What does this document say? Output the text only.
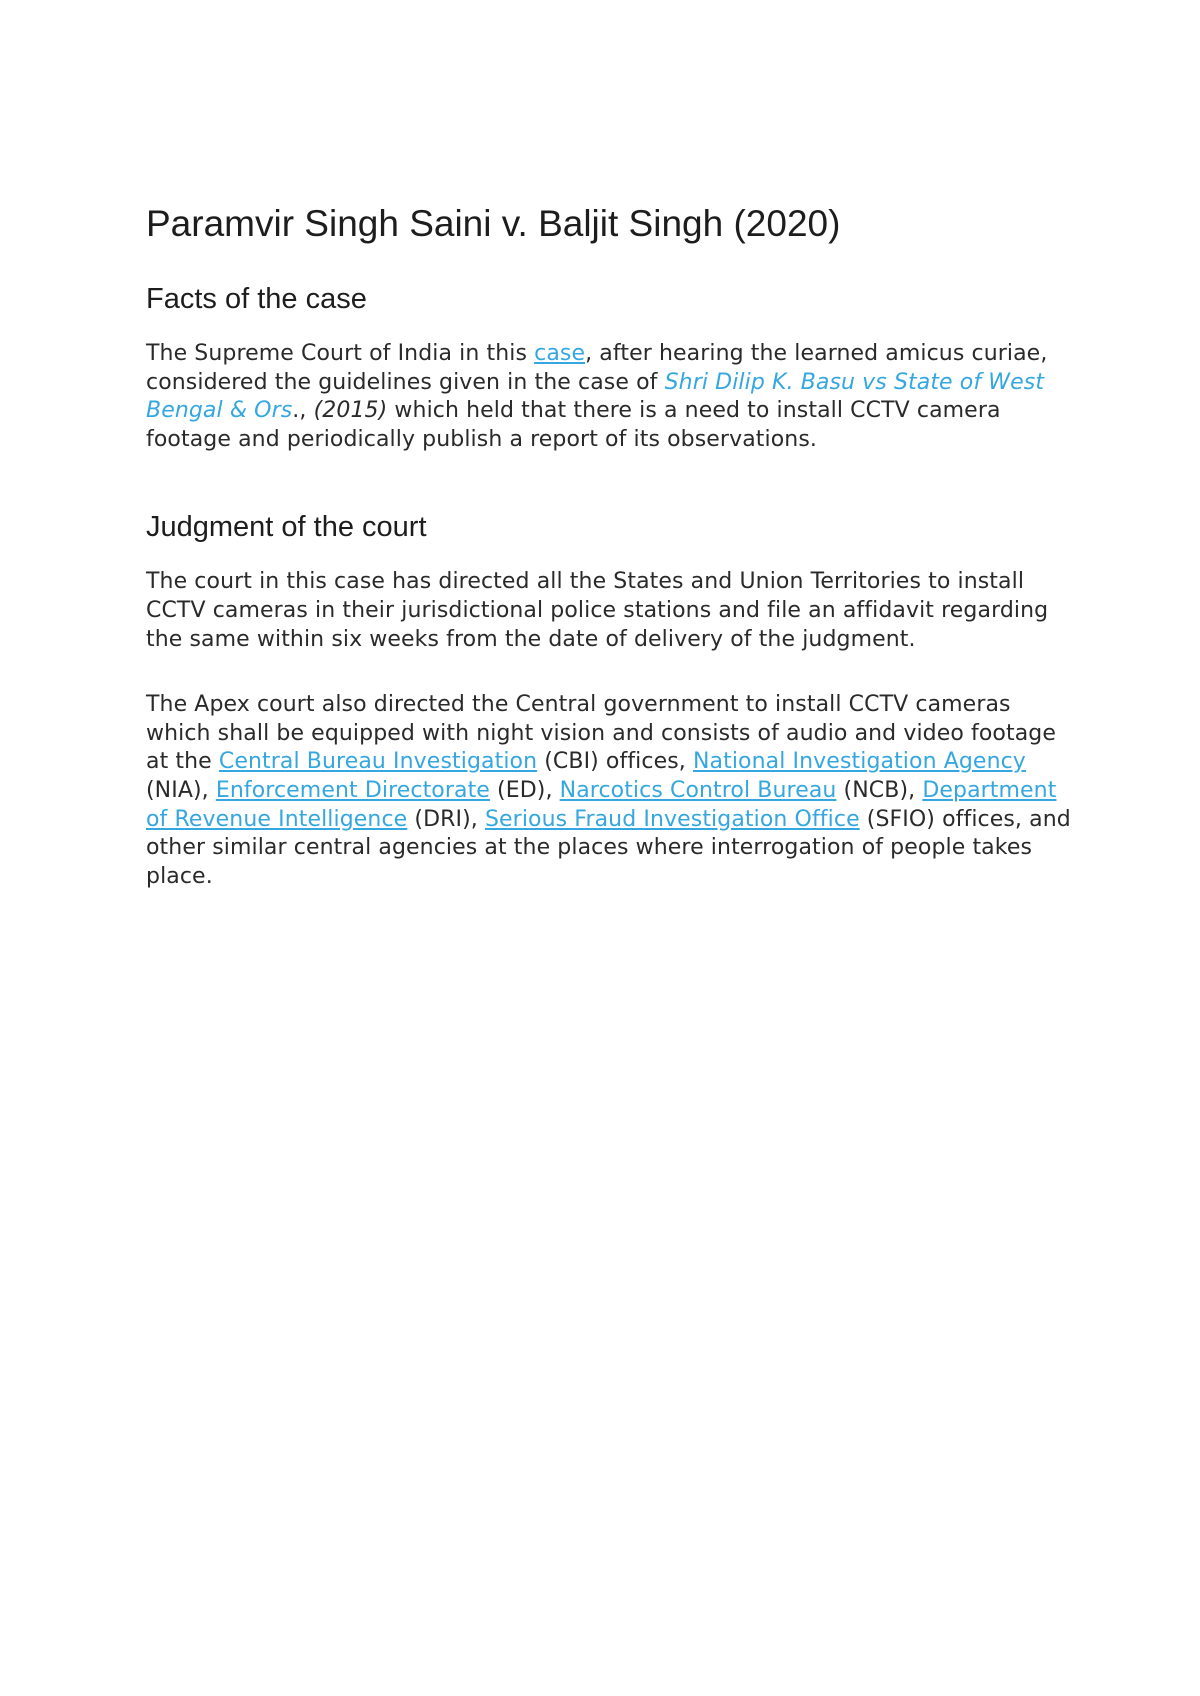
Paramvir Singh Saini v. Baljit Singh (2020)
Facts of the case

The Supreme Court of India in this case, after hearing the learned amicus curiae, considered the guidelines given in the case of Shri Dilip K. Basu vs State of West Bengal & Ors., (2015) which held that there is a need to install CCTV camera footage and periodically publish a report of its observations.

Judgment of the court

The court in this case has directed all the States and Union Territories to install CCTV cameras in their jurisdictional police stations and file an affidavit regarding the same within six weeks from the date of delivery of the judgment.

The Apex court also directed the Central government to install CCTV cameras which shall be equipped with night vision and consists of audio and video footage at the Central Bureau Investigation (CBI) offices, National Investigation Agency (NIA), Enforcement Directorate (ED), Narcotics Control Bureau (NCB), Department of Revenue Intelligence (DRI), Serious Fraud Investigation Office (SFIO) offices, and other similar central agencies at the places where interrogation of people takes place.
